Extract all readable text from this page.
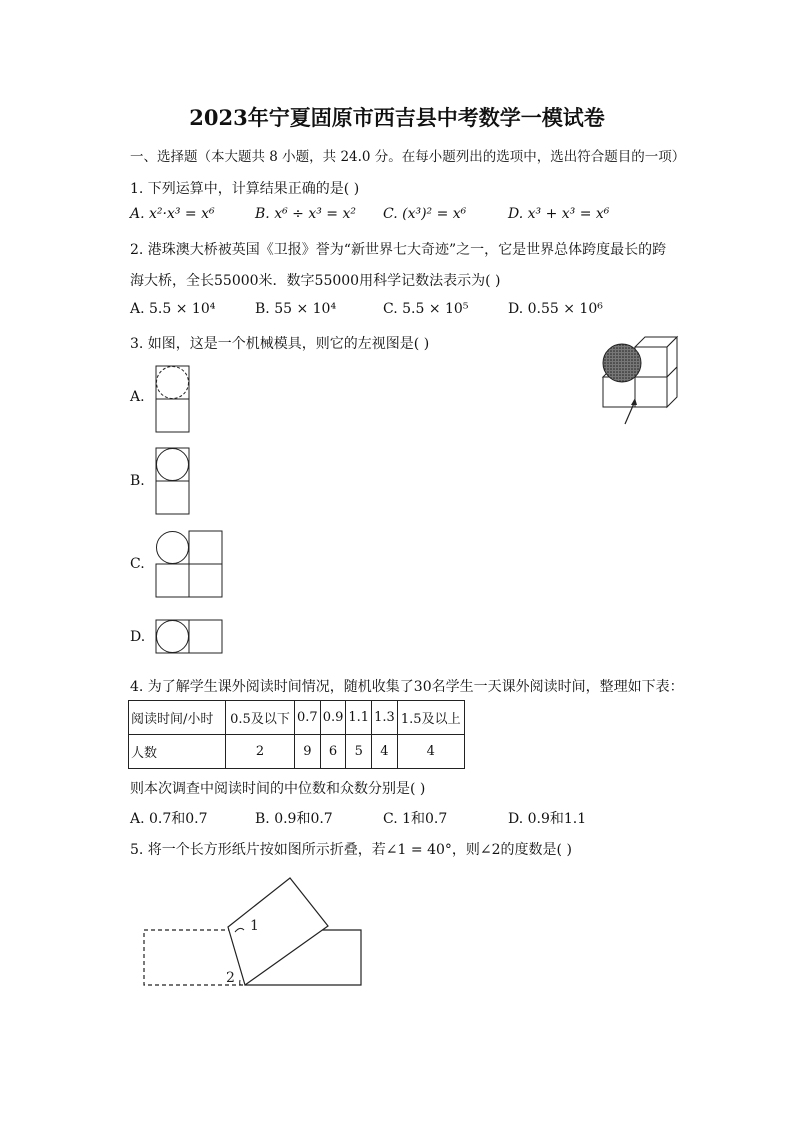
2023年宁夏固原市西吉县中考数学一模试卷
一、选择题（本大题共 8 小题，共 24.0 分。在每小题列出的选项中，选出符合题目的一项）
1. 下列运算中，计算结果正确的是( )
A. x²·x³ = x⁶	B. x⁶ ÷ x³ = x² C. (x³)² = x⁶	D. x³ + x³ = x⁶
2. 港珠澳大桥被英国《卫报》誉为“新世界七大奇迹”之一，它是世界总体跨度最长的跨
海大桥，全长55000米．数字55000用科学记数法表示为( )
A. 5.5 × 10⁴	B. 55 × 10⁴	C. 5.5 × 10⁵	D. 0.55 × 10⁶
3. 如图，这是一个机械模具，则它的左视图是( )
A.
B.
C.
D.
4. 为了解学生课外阅读时间情况，随机收集了30名学生一天课外阅读时间，整理如下表：
阅读时间/小时	0.5及以下	0.7	0.9	1.1	1.3	1.5及以上
人数	2	9	6	5	4	4
则本次调查中阅读时间的中位数和众数分别是( )
A. 0.7和0.7	B. 0.9和0.7	C. 1和0.7	D. 0.9和1.1
5. 将一个长方形纸片按如图所示折叠，若∠1 = 40°，则∠2的度数是( )
1
2
